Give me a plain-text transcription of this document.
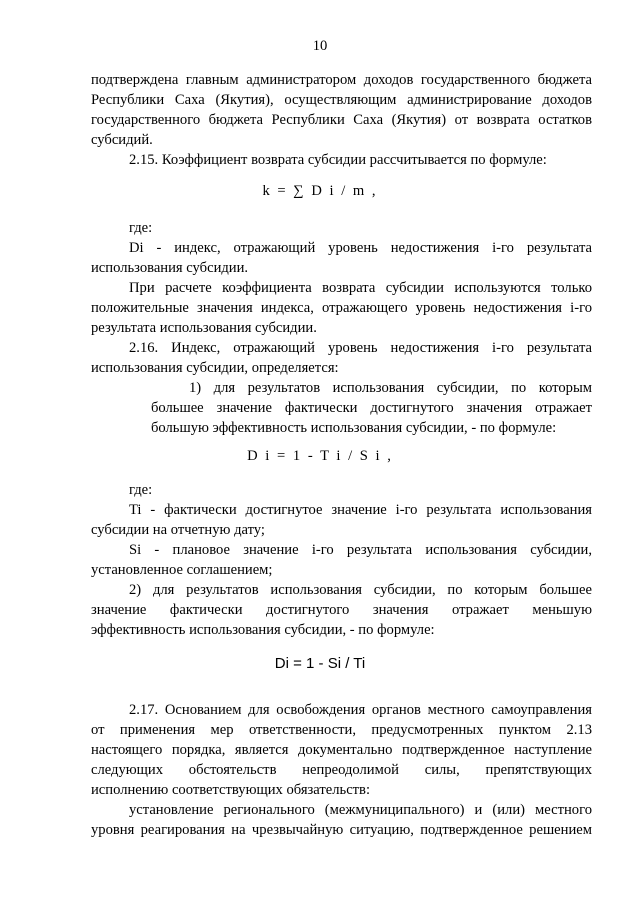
10
подтверждена главным администратором доходов государственного бюджета
Республики Саха (Якутия), осуществляющим администрирование доходов
государственного бюджета Республики Саха (Якутия) от возврата остатков
субсидий.
2.15. Коэффициент возврата субсидии рассчитывается по формуле:
k = ∑ D i / m ,
где:
Di - индекс, отражающий уровень недостижения i-го результата
использования субсидии.
При расчете коэффициента возврата субсидии используются только
положительные значения индекса, отражающего уровень недостижения i-го
результата использования субсидии.
2.16. Индекс, отражающий уровень недостижения i-го результата
использования субсидии, определяется:
1) для результатов использования субсидии, по которым
большее значение фактически достигнутого значения отражает
большую эффективность использования субсидии, - по формуле:
D i = 1 - T i / S i ,
где:
Ti - фактически достигнутое значение i-го результата использования
субсидии на отчетную дату;
Si - плановое значение i-го результата использования субсидии,
установленное соглашением;
2) для результатов использования субсидии, по которым большее
значение фактически достигнутого значения отражает меньшую
эффективность использования субсидии, - по формуле:
Di = 1 - Si / Ti
2.17. Основанием для освобождения органов местного самоуправления
от применения мер ответственности, предусмотренных пунктом 2.13
настоящего порядка, является документально подтвержденное наступление
следующих обстоятельств непреодолимой силы, препятствующих
исполнению соответствующих обязательств:
установление регионального (межмуниципального) и (или) местного
уровня реагирования на чрезвычайную ситуацию, подтвержденное решением
